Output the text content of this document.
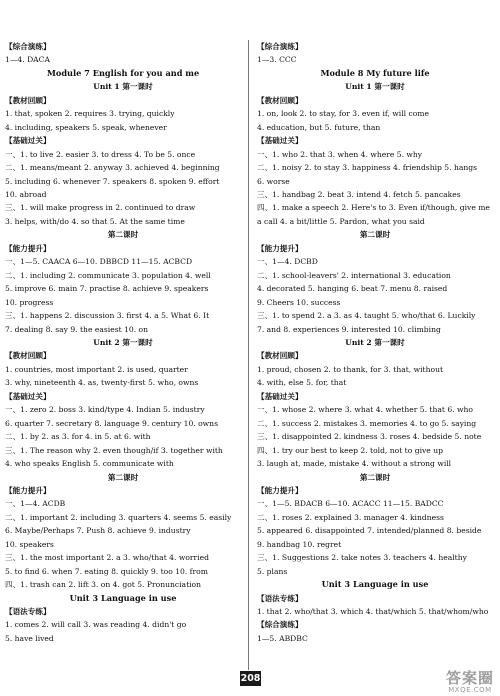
【综合演练】
1—4. DACA
Module 7 English for you and me
Unit 1 第一课时
【教材回顾】
1. that, spoken 2. requires 3. trying, quickly
4. including, speakers 5. speak, whenever
【基础过关】
一、1. to live 2. easier 3. to dress 4. To be 5. once
二、1. means/meant 2. anyway 3. achieved 4. beginning
5. including 6. whenever 7. speakers 8. spoken 9. effort
10. abroad
三、1. will make progress in 2. continued to draw
3. helps, with/do 4. so that 5. At the same time
第二课时
【能力提升】
一、1—5. CAACA 6—10. DBBCD 11—15. ACBCD
二、1. including 2. communicate 3. population 4. well
5. improve 6. main 7. practise 8. achieve 9. speakers
10. progress
三、1. happens 2. discussion 3. first 4. a 5. What 6. It
7. dealing 8. say 9. the easiest 10. on
Unit 2 第一课时
【教材回顾】
1. countries, most important 2. is used, quarter
3. why, nineteenth 4. as, twenty-first 5. who, owns
【基础过关】
一、1. zero 2. boss 3. kind/type 4. Indian 5. industry
6. quarter 7. secretary 8. language 9. century 10. owns
二、1. by 2. as 3. for 4. in 5. at 6. with
三、1. The reason why 2. even though/if 3. together with
4. who speaks English 5. communicate with
第二课时
【能力提升】
一、1—4. ACDB
二、1. important 2. including 3. quarters 4. seems 5. easily
6. Maybe/Perhaps 7. Push 8. achieve 9. industry
10. speakers
三、1. the most important 2. a 3. who/that 4. worried
5. to find 6. when 7. eating 8. quickly 9. too 10. from
四、1. trash can 2. lift 3. on 4. got 5. Pronunciation
Unit 3 Language in use
【语法专练】
1. comes 2. will call 3. was reading 4. didn't go
5. have lived
【综合演练】
1—3. CCC
Module 8 My future life
Unit 1 第一课时
【教材回顾】
1. on, look 2. to stay, for 3. even if, will come
4. education, but 5. future, than
【基础过关】
一、1. who 2. that 3. when 4. where 5. why
二、1. noisy 2. to stay 3. happiness 4. friendship 5. hangs
6. worse
三、1. handbag 2. beat 3. intend 4. fetch 5. pancakes
四、1. make a speech 2. Here's to 3. Even if/though, give me
a call 4. a bit/little 5. Pardon, what you said
第二课时
【能力提升】
一、1—4. DCBD
二、1. school-leavers' 2. international 3. education
4. decorated 5. hanging 6. beat 7. menu 8. raised
9. Cheers 10. success
三、1. to spend 2. a 3. as 4. taught 5. who/that 6. Luckily
7. and 8. experiences 9. interested 10. climbing
Unit 2 第一课时
【教材回顾】
1. proud, chosen 2. to thank, for 3. that, without
4. with, else 5. for, that
【基础过关】
一、1. whose 2. where 3. what 4. whether 5. that 6. who
二、1. success 2. mistakes 3. memories 4. to go 5. saying
三、1. disappointed 2. kindness 3. roses 4. bedside 5. note
四、1. try our best to keep 2. told, not to give up
3. laugh at, made, mistake 4. without a strong will
第二课时
【能力提升】
一、1—5. BDACB 6—10. ACACC 11—15. BADCC
二、1. roses 2. explained 3. manager 4. kindness
5. appeared 6. disappointed 7. intended/planned 8. beside
9. handbag 10. regret
三、1. Suggestions 2. take notes 3. teachers 4. healthy
5. plans
Unit 3 Language in use
【语法专练】
1. that 2. who/that 3. which 4. that/which 5. that/whom/who
【综合演练】
1—5. ABDBC
208	答案圈
MXQE.COM
